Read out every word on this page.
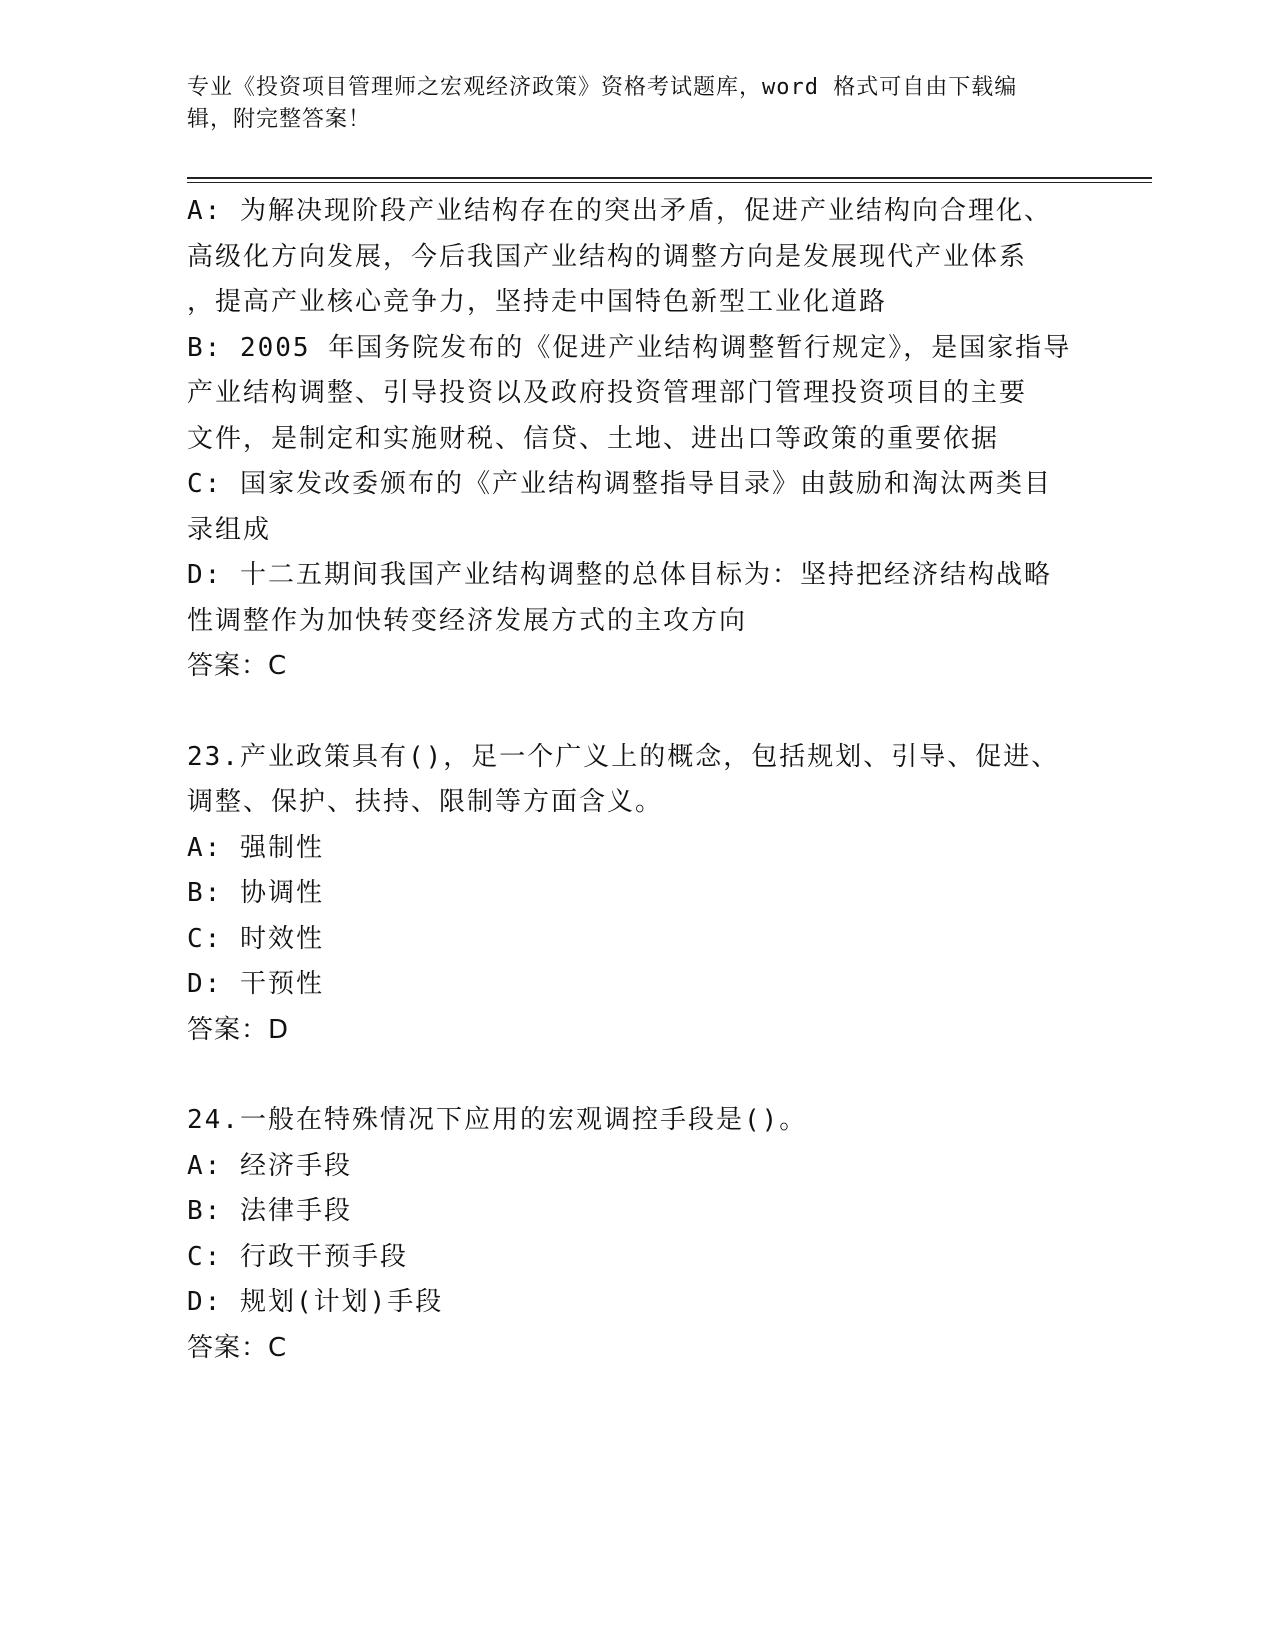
专业《投资项目管理师之宏观经济政策》资格考试题库，word 格式可自由下载编
辑，附完整答案！
A: 为解决现阶段产业结构存在的突出矛盾，促进产业结构向合理化、
高级化方向发展，今后我国产业结构的调整方向是发展现代产业体系
，提高产业核心竞争力，坚持走中国特色新型工业化道路
B: 2005 年国务院发布的《促进产业结构调整暂行规定》，是国家指导
产业结构调整、引导投资以及政府投资管理部门管理投资项目的主要
文件，是制定和实施财税、信贷、土地、进出口等政策的重要依据
C: 国家发改委颁布的《产业结构调整指导目录》由鼓励和淘汰两类目
录组成
D: 十二五期间我国产业结构调整的总体目标为：坚持把经济结构战略
性调整作为加快转变经济发展方式的主攻方向
答案：C
23.产业政策具有()，足一个广义上的概念，包括规划、引导、促进、
调整、保护、扶持、限制等方面含义。
A: 强制性
B: 协调性
C: 时效性
D: 干预性
答案：D
24.一般在特殊情况下应用的宏观调控手段是()。
A: 经济手段
B: 法律手段
C: 行政干预手段
D: 规划(计划)手段
答案：C
